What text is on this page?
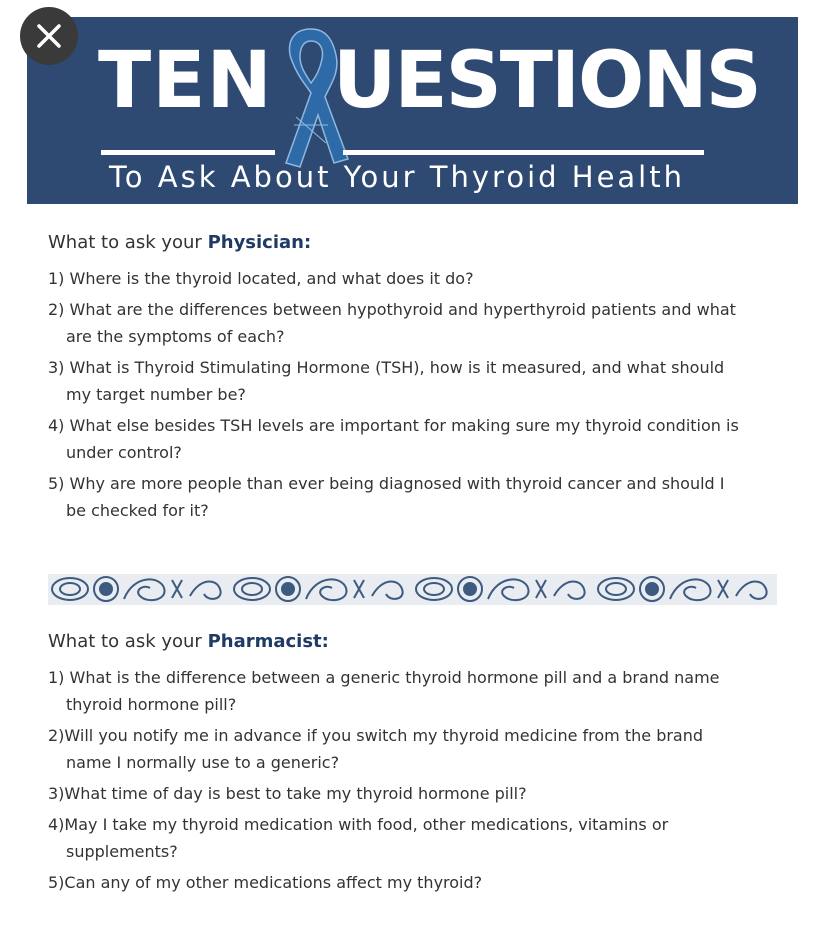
TEN UESTIONS
To Ask About Your Thyroid Health
What to ask your Physician:
1) Where is the thyroid located, and what does it do?
2) What are the differences between hypothyroid and hyperthyroid patients and what
are the symptoms of each?
3) What is Thyroid Stimulating Hormone (TSH), how is it measured, and what should
my target number be?
4) What else besides TSH levels are important for making sure my thyroid condition is
under control?
5) Why are more people than ever being diagnosed with thyroid cancer and should I
be checked for it?
What to ask your Pharmacist:
1) What is the difference between a generic thyroid hormone pill and a brand name
thyroid hormone pill?
2)Will you notify me in advance if you switch my thyroid medicine from the brand
name I normally use to a generic?
3)What time of day is best to take my thyroid hormone pill?
4)May I take my thyroid medication with food, other medications, vitamins or
supplements?
5)Can any of my other medications affect my thyroid?
